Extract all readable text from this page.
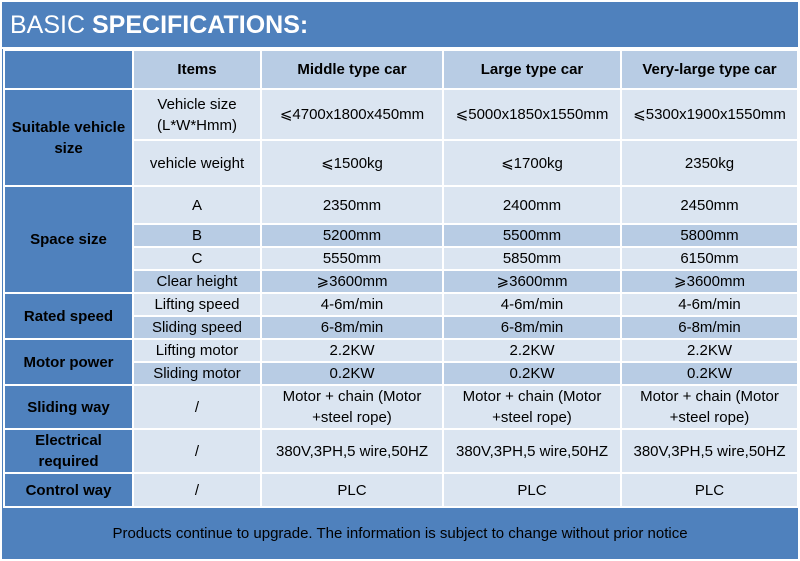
BASIC SPECIFICATIONS:
	Items	Middle type car	Large type car	Very-large type car
Suitable vehicle size	Vehicle size (L*W*Hmm)	⩽4700x1800x450mm	⩽5000x1850x1550mm	⩽5300x1900x1550mm
	vehicle weight	⩽1500kg	⩽1700kg	2350kg
Space size	A	2350mm	2400mm	2450mm
	B	5200mm	5500mm	5800mm
	C	5550mm	5850mm	6150mm
	Clear height	⩾3600mm	⩾3600mm	⩾3600mm
Rated speed	Lifting speed	4-6m/min	4-6m/min	4-6m/min
	Sliding speed	6-8m/min	6-8m/min	6-8m/min
Motor power	Lifting motor	2.2KW	2.2KW	2.2KW
	Sliding motor	0.2KW	0.2KW	0.2KW
Sliding way	/	Motor + chain (Motor +steel rope)	Motor + chain (Motor +steel rope)	Motor + chain (Motor +steel rope)
Electrical required	/	380V,3PH,5 wire,50HZ	380V,3PH,5 wire,50HZ	380V,3PH,5 wire,50HZ
Control way	/	PLC	PLC	PLC
Products continue to upgrade. The information is subject to change without prior notice
